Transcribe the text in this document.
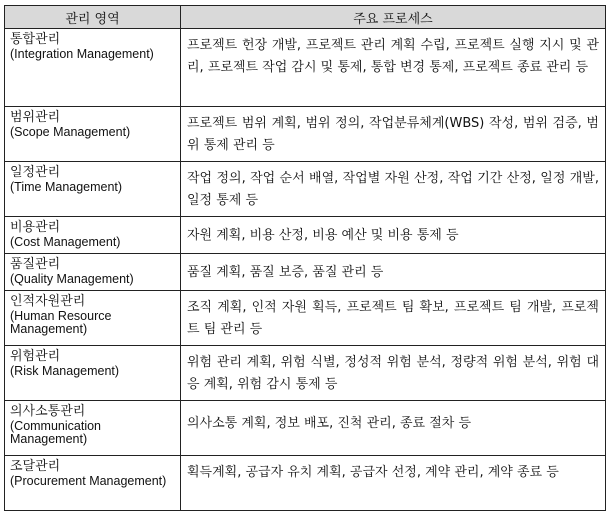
관리 영역	주요 프로세스

통합관리
(Integration Management)	프로젝트 헌장 개발, 프로젝트 관리 계획 수립, 프로젝트 실행 지시 및 관리, 프로젝트 작업 감시 및 통제, 통합 변경 통제, 프로젝트 종료 관리 등

범위관리
(Scope Management)	프로젝트 범위 계획, 범위 정의, 작업분류체계(WBS) 작성, 범위 검증, 범위 통제 관리 등

일정관리
(Time Management)	작업 정의, 작업 순서 배열, 작업별 자원 산정, 작업 기간 산정, 일정 개발, 일정 통제 등

비용관리
(Cost Management)	자원 계획, 비용 산정, 비용 예산 및 비용 통제 등

품질관리
(Quality Management)	품질 계획, 품질 보증, 품질 관리 등

인적자원관리
(Human Resource Management)	조직 계획, 인적 자원 획득, 프로젝트 팀 확보, 프로젝트 팀 개발, 프로젝트 팀 관리 등

위험관리
(Risk Management)	위험 관리 계획, 위험 식별, 정성적 위험 분석, 정량적 위험 분석, 위험 대응 계획, 위험 감시 통제 등

의사소통관리
(Communication Management)	의사소통 계획, 정보 배포, 진척 관리, 종료 절차 등

조달관리
(Procurement Management)	획득계획, 공급자 유치 계획, 공급자 선정, 계약 관리, 계약 종료 등
